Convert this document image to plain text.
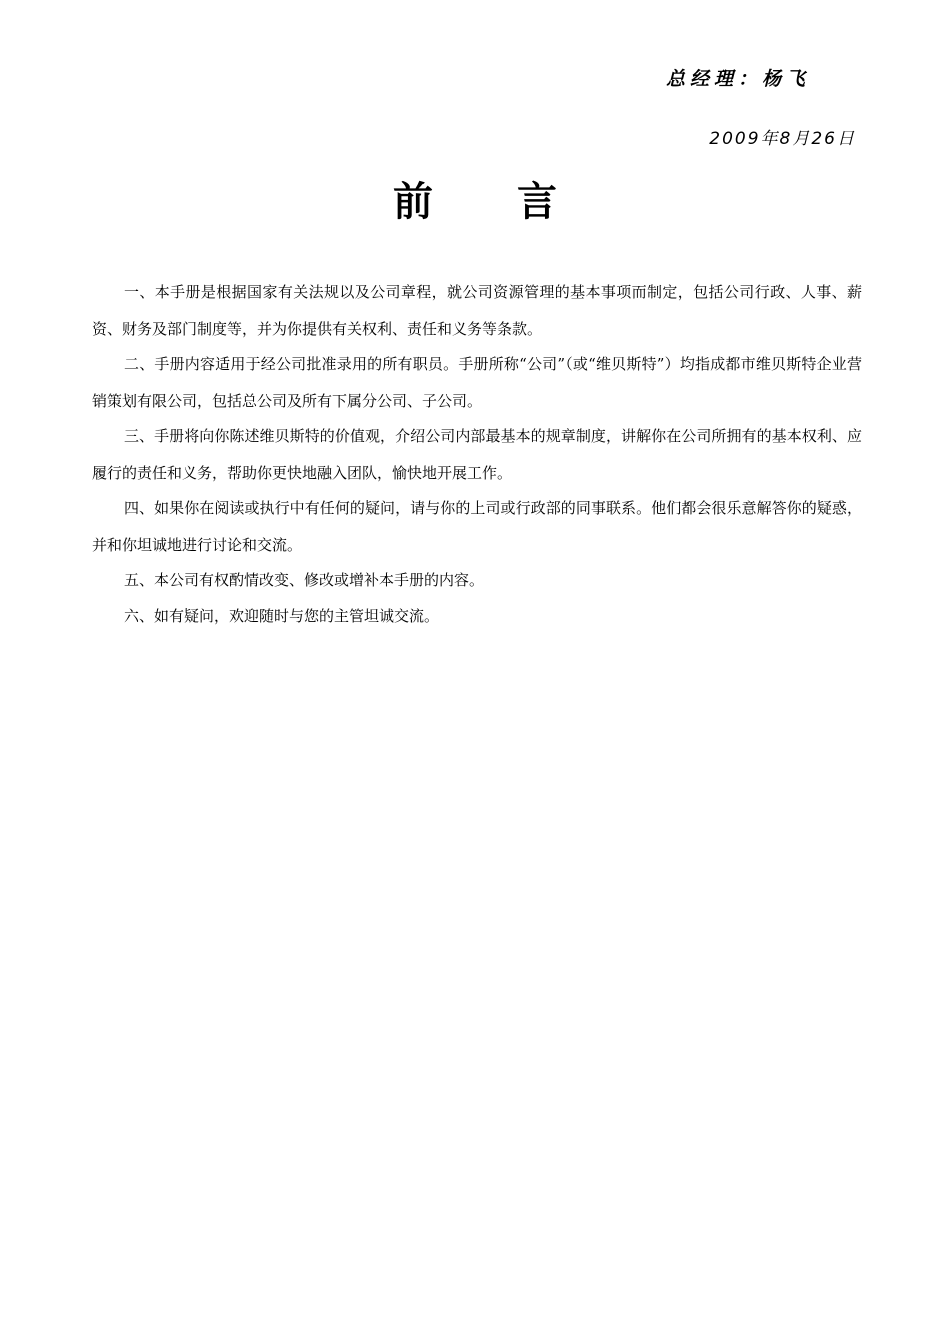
总经理：杨飞
2009年8月26日
前言

一、本手册是根据国家有关法规以及公司章程，就公司资源管理的基本事项而制定，包括公司行政、人事、薪资、财务及部门制度等，并为你提供有关权利、责任和义务等条款。

二、手册内容适用于经公司批准录用的所有职员。手册所称“公司”（或“维贝斯特”）均指成都市维贝斯特企业营销策划有限公司，包括总公司及所有下属分公司、子公司。

三、手册将向你陈述维贝斯特的价值观，介绍公司内部最基本的规章制度，讲解你在公司所拥有的基本权利、应履行的责任和义务，帮助你更快地融入团队，愉快地开展工作。

四、如果你在阅读或执行中有任何的疑问，请与你的上司或行政部的同事联系。他们都会很乐意解答你的疑惑，并和你坦诚地进行讨论和交流。

五、本公司有权酌情改变、修改或增补本手册的内容。

六、如有疑问，欢迎随时与您的主管坦诚交流。
